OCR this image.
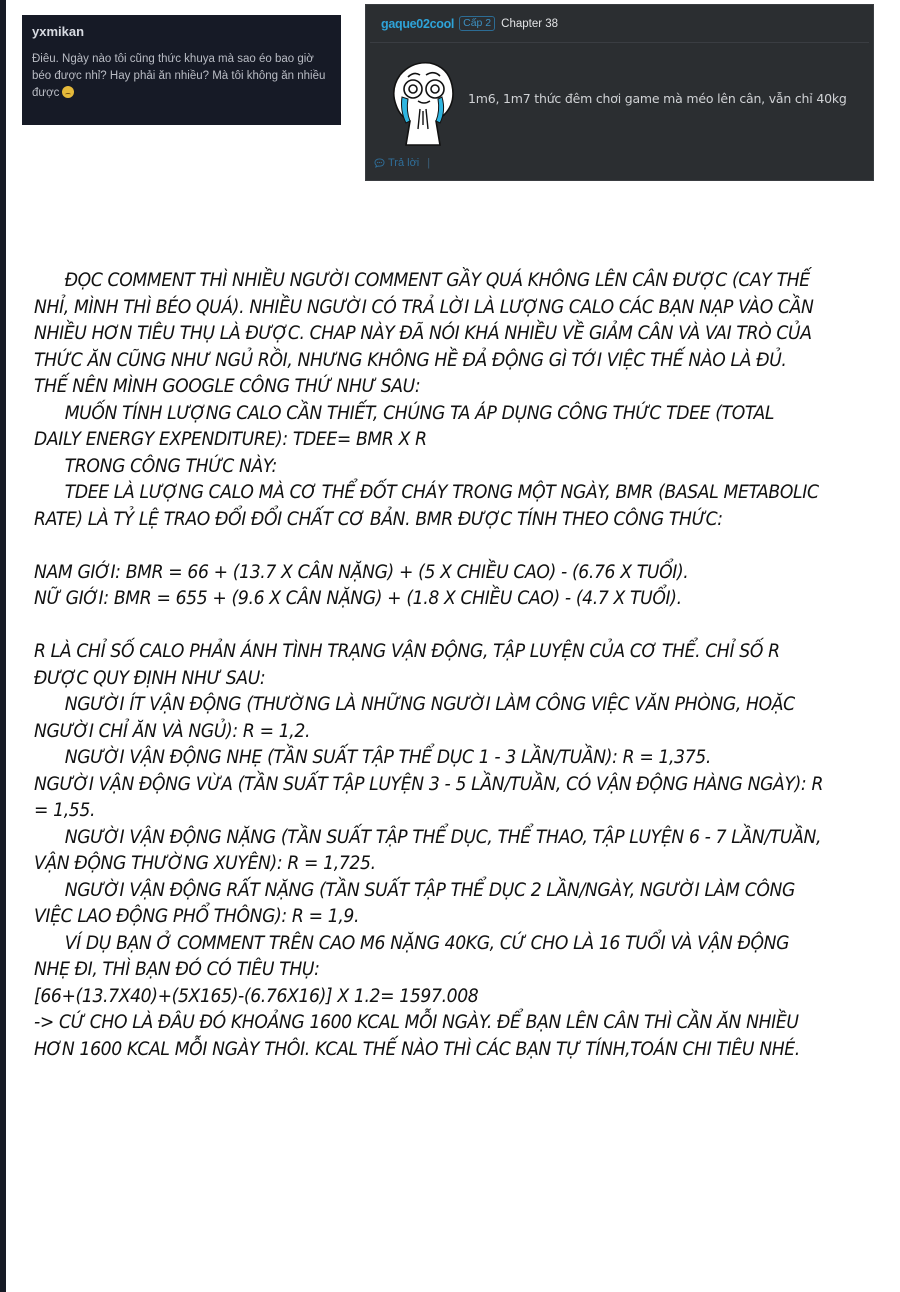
yxmikan
Điêu. Ngày nào tôi cũng thức khuya mà sao éo bao giờ béo được nhỉ? Hay phải ăn nhiều? Mà tôi không ăn nhiều được
gaque02cool Cấp 2 Chapter 38
1m6, 1m7 thức đêm chơi game mà méo lên cân, vẫn chỉ 40kg
Trả lời |

ĐỌC COMMENT THÌ NHIỀU NGƯỜI COMMENT GẦY QUÁ KHÔNG LÊN CÂN ĐƯỢC (CAY THẾ NHỈ, MÌNH THÌ BÉO QUÁ). NHIỀU NGƯỜI CÓ TRẢ LỜI LÀ LƯỢNG CALO CÁC BẠN NẠP VÀO CẦN NHIỀU HƠN TIÊU THỤ LÀ ĐƯỢC. CHAP NÀY ĐÃ NÓI KHÁ NHIỀU VỀ GIẢM CÂN VÀ VAI TRÒ CỦA THỨC ĂN CŨNG NHƯ NGỦ RỒI, NHƯNG KHÔNG HỀ ĐẢ ĐỘNG GÌ TỚI VIỆC THẾ NÀO LÀ ĐỦ. THẾ NÊN MÌNH GOOGLE CÔNG THỨ NHƯ SAU:

MUỐN TÍNH LƯỢNG CALO CẦN THIẾT, CHÚNG TA ÁP DỤNG CÔNG THỨC TDEE (TOTAL DAILY ENERGY EXPENDITURE): TDEE= BMR X R

TRONG CÔNG THỨC NÀY:

TDEE LÀ LƯỢNG CALO MÀ CƠ THỂ ĐỐT CHÁY TRONG MỘT NGÀY, BMR (BASAL METABOLIC RATE) LÀ TỶ LỆ TRAO ĐỔI ĐỔI CHẤT CƠ BẢN. BMR ĐƯỢC TÍNH THEO CÔNG THỨC:

NAM GIỚI: BMR = 66 + (13.7 X CÂN NẶNG) + (5 X CHIỀU CAO) - (6.76 X TUỔI).

NỮ GIỚI: BMR = 655 + (9.6 X CÂN NẶNG) + (1.8 X CHIỀU CAO) - (4.7 X TUỔI).

R LÀ CHỈ SỐ CALO PHẢN ÁNH TÌNH TRẠNG VẬN ĐỘNG, TẬP LUYỆN CỦA CƠ THỂ. CHỈ SỐ R ĐƯỢC QUY ĐỊNH NHƯ SAU:

NGƯỜI ÍT VẬN ĐỘNG (THƯỜNG LÀ NHỮNG NGƯỜI LÀM CÔNG VIỆC VĂN PHÒNG, HOẶC NGƯỜI CHỈ ĂN VÀ NGỦ): R = 1,2.

NGƯỜI VẬN ĐỘNG NHẸ (TẦN SUẤT TẬP THỂ DỤC 1 - 3 LẦN/TUẦN): R = 1,375.

NGƯỜI VẬN ĐỘNG VỪA (TẦN SUẤT TẬP LUYỆN 3 - 5 LẦN/TUẦN, CÓ VẬN ĐỘNG HÀNG NGÀY): R = 1,55.

NGƯỜI VẬN ĐỘNG NẶNG (TẦN SUẤT TẬP THỂ DỤC, THỂ THAO, TẬP LUYỆN 6 - 7 LẦN/TUẦN, VẬN ĐỘNG THƯỜNG XUYÊN): R = 1,725.

NGƯỜI VẬN ĐỘNG RẤT NẶNG (TẦN SUẤT TẬP THỂ DỤC 2 LẦN/NGÀY, NGƯỜI LÀM CÔNG VIỆC LAO ĐỘNG PHỔ THÔNG): R = 1,9.

VÍ DỤ BẠN Ở COMMENT TRÊN CAO M6 NẶNG 40KG, CỨ CHO LÀ 16 TUỔI VÀ VẬN ĐỘNG NHẸ ĐI, THÌ BẠN ĐÓ CÓ TIÊU THỤ:

[66+(13.7X40)+(5X165)-(6.76X16)] X 1.2= 1597.008

-> CỨ CHO LÀ ĐÂU ĐÓ KHOẢNG 1600 KCAL MỖI NGÀY. ĐỂ BẠN LÊN CÂN THÌ CẦN ĂN NHIỀU HƠN 1600 KCAL MỖI NGÀY THÔI. KCAL THẾ NÀO THÌ CÁC BẠN TỰ TÍNH,TOÁN CHI TIÊU NHÉ.
